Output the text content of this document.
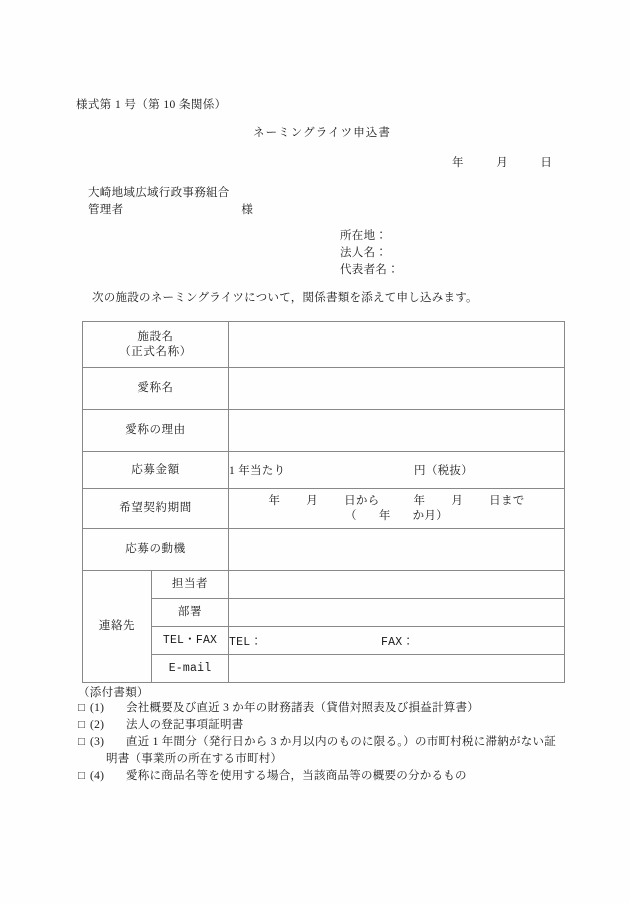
様式第 1 号（第 10 条関係）
ネーミングライツ申込書
年	月	日
大崎地域広域行政事務組合
管理者	様
所在地：
法人名：
代表者名：
次の施設のネーミングライツについて，関係書類を添えて申し込みます。
施設名
（正式名称）		

愛称名		
愛称の理由		
応募金額		1 年当たり 円（税抜）

希望契約期間		年 月 日から 年 月 日まで
（ 年 か月）

応募の動機		
連絡先	担当者	
	部署	
	TEL・FAX	TEL： FAX：

	E-mail	
（添付書類）
□ (1) 会社概要及び直近 3 か年の財務諸表（貸借対照表及び損益計算書）
□ (2) 法人の登記事項証明書
□ (3) 直近 1 年間分（発行日から 3 か月以内のものに限る。）の市町村税に滞納がない証
明書（事業所の所在する市町村）
□ (4) 愛称に商品名等を使用する場合，当該商品等の概要の分かるもの
